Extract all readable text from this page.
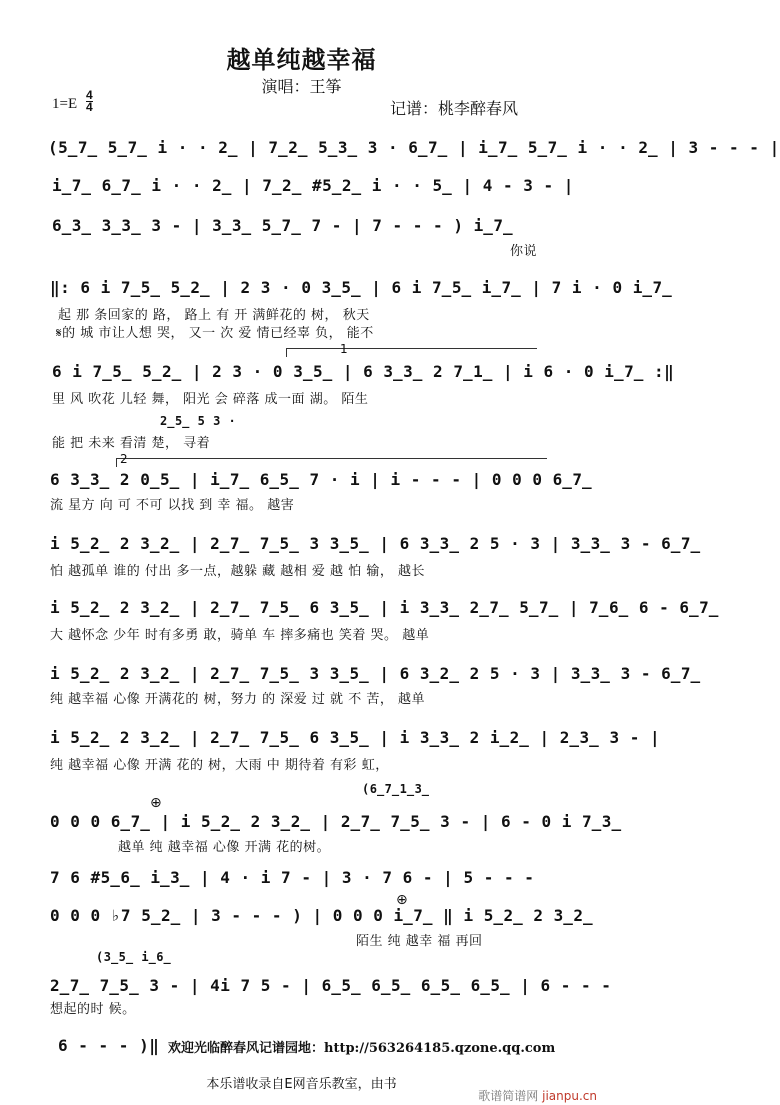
越单纯越幸福
演唱：王筝
1=E
4
4	记谱：桃李醉春风
(5̲7̲ 5̲7̲ i · · 2̲ | 7̲2̲ 5̲3̲ 3 · 6̲7̲ | i̲7̲ 5̲7̲ i · · 2̲ | 3 - - - |
i̲7̲ 6̲7̲ i · · 2̲ | 7̲2̲ #5̲2̲ i · · 5̲ | 4 - 3 - |
6̲3̲ 3̲3̲ 3 - | 3̲3̲ 5̲7̲ 7 - | 7 - - - ) i̲7̲
你说
‖: 6 i 7̲5̲ 5̲2̲ | 2 3 · 0 3̲5̲ | 6 i 7̲5̲ i̲7̲ | 7 i · 0 i̲7̲
起 那 条回家的 路， 路上 有 开 满鲜花的 树， 秋天
𝄋的 城 市让人想 哭， 又一 次 爱 情已经辜 负， 能不
1
6 i 7̲5̲ 5̲2̲ | 2 3 · 0 3̲5̲ | 6 3̲3̲ 2 7̲1̲ | i 6 · 0 i̲7̲ :‖
里 风 吹花 儿轻 舞， 阳光 会 碎落 成一面 湖。 陌生
能 把 未来 看清 楚， 寻着
2̲5̲ 5 3 ·
2
6 3̲3̲ 2 0̲5̲ | i̲7̲ 6̲5̲ 7 · i | i - - - | 0 0 0 6̲7̲
流 星方 向 可 不可 以找 到 幸 福。 越害
i 5̲2̲ 2 3̲2̲ | 2̲7̲ 7̲5̲ 3 3̲5̲ | 6 3̲3̲ 2 5 · 3 | 3̲3̲ 3 - 6̲7̲
怕 越孤单 谁的 付出 多一点，越躲 藏 越相 爱 越 怕 输， 越长
i 5̲2̲ 2 3̲2̲ | 2̲7̲ 7̲5̲ 6 3̲5̲ | i 3̲3̲ 2̲7̲ 5̲7̲ | 7̲6̲ 6 - 6̲7̲
大 越怀念 少年 时有多勇 敢，骑单 车 摔多痛也 笑着 哭。 越单
i 5̲2̲ 2 3̲2̲ | 2̲7̲ 7̲5̲ 3 3̲5̲ | 6 3̲2̲ 2 5 · 3 | 3̲3̲ 3 - 6̲7̲
纯 越幸福 心像 开满花的 树，努力 的 深爱 过 就 不 苦， 越单
i 5̲2̲ 2 3̲2̲ | 2̲7̲ 7̲5̲ 6 3̲5̲ | i 3̲3̲ 2 i̲2̲ | 2̲3̲ 3 - |
纯 越幸福 心像 开满 花的 树，大雨 中 期待着 有彩 虹，
⊕
(6̲7̲1̲3̲
0 0 0 6̲7̲ | i 5̲2̲ 2 3̲2̲ | 2̲7̲ 7̲5̲ 3 - | 6 - 0 i 7̲3̲
越单 纯 越幸福 心像 开满 花的树。
7 6 #5̲6̲ i̲3̲ | 4 · i 7 - | 3 · 7 6 - | 5 - - -
⊕
0 0 0 ♭7 5̲2̲ | 3 - - - ) | 0 0 0 i̲7̲ ‖ i 5̲2̲ 2 3̲2̲
陌生 纯 越幸 福 再回
(3̲5̲ i̲6̲
2̲7̲ 7̲5̲ 3 - | 4i 7 5 - | 6̲5̲ 6̲5̲ 6̲5̲ 6̲5̲ | 6 - - -
想起的时 候。
6 - - - )‖ 欢迎光临醉春风记谱园地：http://563264185.qzone.qq.com
本乐谱收录自E网音乐教室，由书
歌谱简谱网 jianpu.cn
